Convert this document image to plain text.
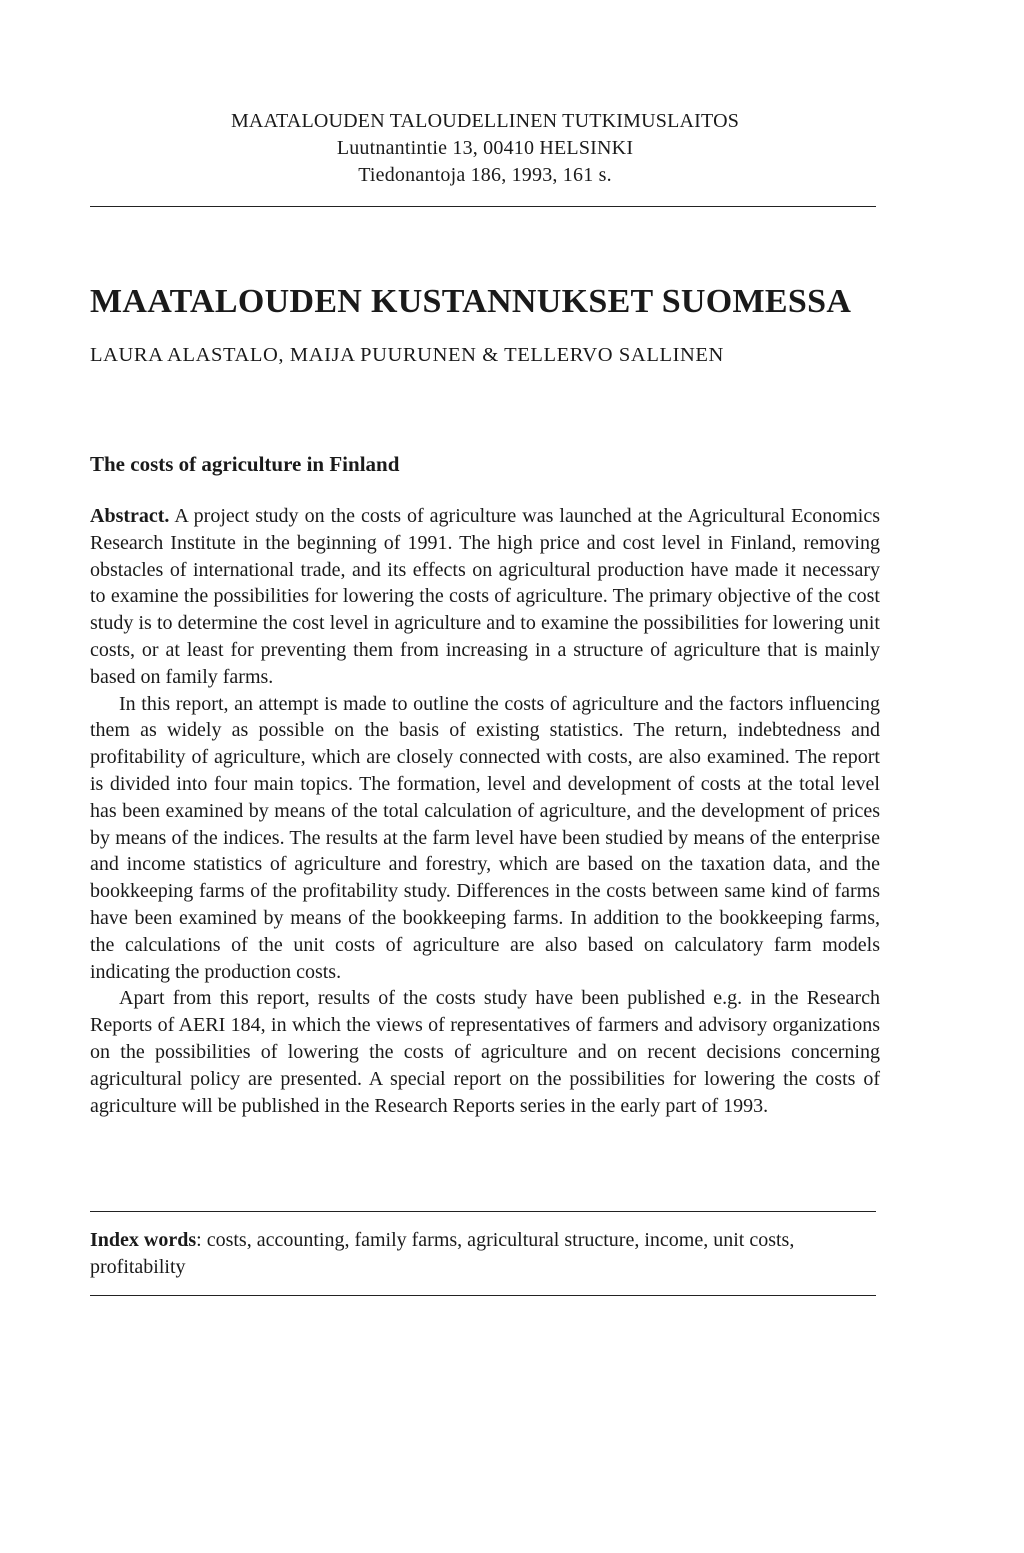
MAATALOUDEN TALOUDELLINEN TUTKIMUSLAITOS
Luutnantintie 13, 00410 HELSINKI
Tiedonantoja 186, 1993, 161 s.
MAATALOUDEN KUSTANNUKSET SUOMESSA
LAURA ALASTALO, MAIJA PUURUNEN & TELLERVO SALLINEN
The costs of agriculture in Finland

Abstract. A project study on the costs of agriculture was launched at the Agricultural Economics Research Institute in the beginning of 1991. The high price and cost level in Finland, removing obstacles of international trade, and its effects on agricultural production have made it necessary to examine the possibilities for lowering the costs of agriculture. The primary objective of the cost study is to determine the cost level in agriculture and to examine the possibilities for lowering unit costs, or at least for preventing them from increasing in a structure of agriculture that is mainly based on family farms.

In this report, an attempt is made to outline the costs of agriculture and the factors influencing them as widely as possible on the basis of existing statistics. The return, indebtedness and profitability of agriculture, which are closely connected with costs, are also examined. The report is divided into four main topics. The formation, level and development of costs at the total level has been examined by means of the total calculation of agriculture, and the development of prices by means of the indices. The results at the farm level have been studied by means of the enterprise and income statistics of agriculture and forestry, which are based on the taxation data, and the bookkeeping farms of the profitability study. Differences in the costs between same kind of farms have been examined by means of the bookkeeping farms. In addition to the bookkeeping farms, the calculations of the unit costs of agriculture are also based on calculatory farm models indicating the production costs.

Apart from this report, results of the costs study have been published e.g. in the Research Reports of AERI 184, in which the views of representatives of farmers and advisory organizations on the possibilities of lowering the costs of agriculture and on recent decisions concerning agricultural policy are presented. A special report on the possibilities for lowering the costs of agriculture will be published in the Research Reports series in the early part of 1993.

Index words: costs, accounting, family farms, agricultural structure, income, unit costs, profitability
